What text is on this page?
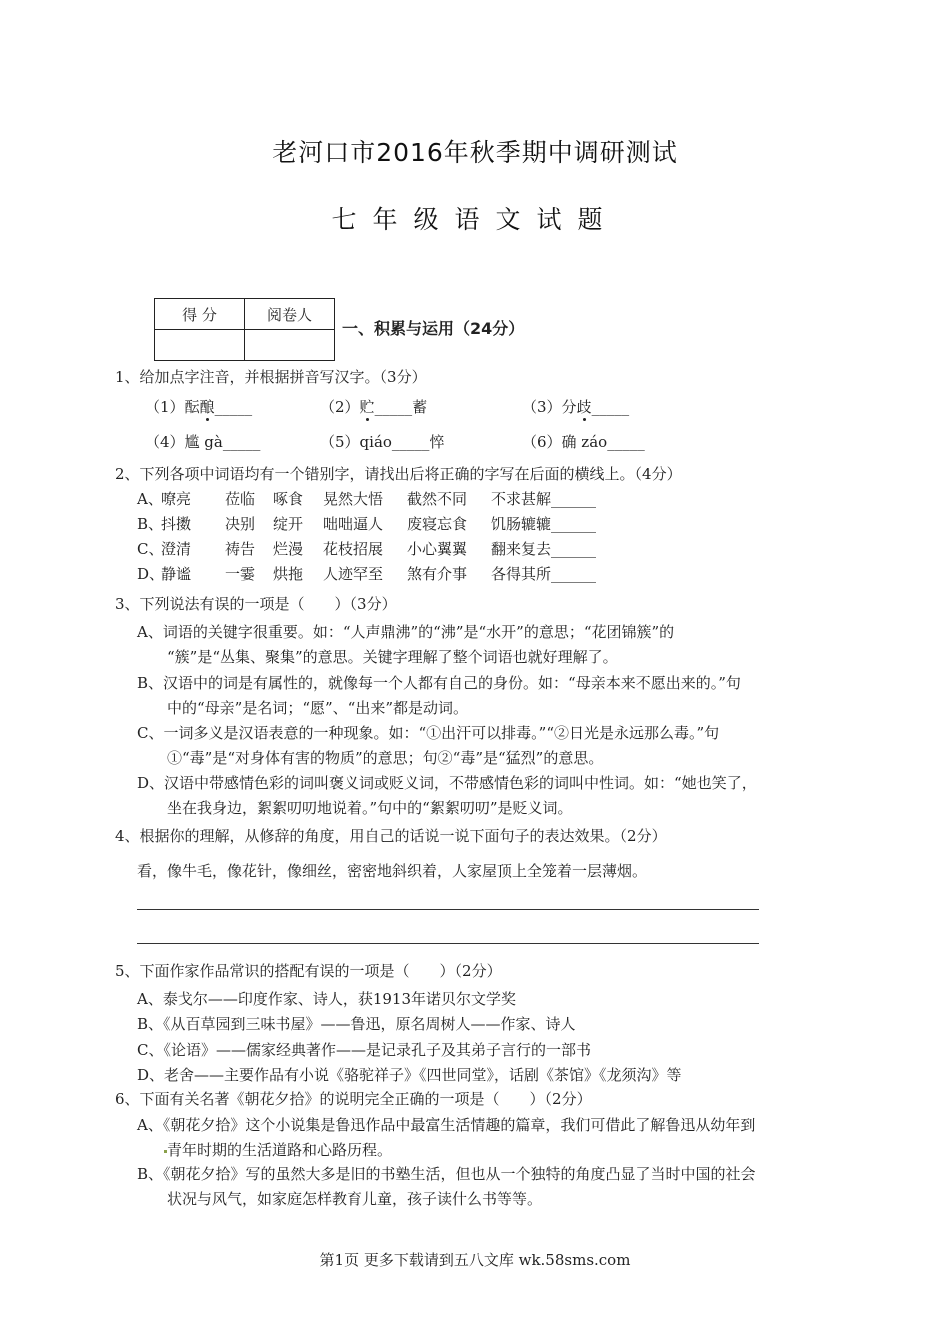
老河口市2016年秋季期中调研测试
七年级语文试题
得 分	阅卷人

一、积累与运用（24分）
1、给加点字注音，并根据拼音写汉字。（3分）
（1）酝酿_____	（2）贮_____蓄	（3）分歧_____
（4）尴 gà_____	（5）qiáo_____悴	（6）确 záo_____
2、下列各项中词语均有一个错别字，请找出后将正确的字写在后面的横线上。（4分）
A、
嘹亮 莅临 啄食 晃然大悟 截然不同 不求甚解______
B、
抖擞 决别 绽开 咄咄逼人 废寝忘食 饥肠辘辘______
C、
澄清 祷告 烂漫 花枝招展 小心翼翼 翻来复去______
D、
静谧 一霎 烘拖 人迹罕至 煞有介事 各得其所______
3、下列说法有误的一项是（　　）（3分）
A、词语的关键字很重要。如：“人声鼎沸”的“沸”是“水开”的意思；“花团锦簇”的
“簇”是“丛集、聚集”的意思。关键字理解了整个词语也就好理解了。
B、汉语中的词是有属性的，就像每一个人都有自己的身份。如：“母亲本来不愿出来的。”句
中的“母亲”是名词；“愿”、“出来”都是动词。
C、一词多义是汉语表意的一种现象。如：“①出汗可以排毒。”“②日光是永远那么毒。”句
①“毒”是“对身体有害的物质”的意思；句②“毒”是“猛烈”的意思。
D、汉语中带感情色彩的词叫褒义词或贬义词，不带感情色彩的词叫中性词。如：“她也笑了，
坐在我身边，絮絮叨叨地说着。”句中的“絮絮叨叨”是贬义词。
4、根据你的理解，从修辞的角度，用自己的话说一说下面句子的表达效果。（2分）
看，像牛毛，像花针，像细丝，密密地斜织着，人家屋顶上全笼着一层薄烟。
5、下面作家作品常识的搭配有误的一项是（　　）（2分）
A、泰戈尔——印度作家、诗人，获1913年诺贝尔文学奖
B、《从百草园到三味书屋》——鲁迅，原名周树人——作家、诗人
C、《论语》——儒家经典著作——是记录孔子及其弟子言行的一部书
D、老舍——主要作品有小说《骆驼祥子》《四世同堂》，话剧《茶馆》《龙须沟》等
6、下面有关名著《朝花夕拾》的说明完全正确的一项是（　　）（2分）
A、《朝花夕拾》这个小说集是鲁迅作品中最富生活情趣的篇章，我们可借此了解鲁迅从幼年到
青年时期的生活道路和心路历程。
B、《朝花夕拾》写的虽然大多是旧的书塾生活，但也从一个独特的角度凸显了当时中国的社会
状况与风气，如家庭怎样教育儿童，孩子读什么书等等。
第1页 更多下载请到五八文库 wk.58sms.com
